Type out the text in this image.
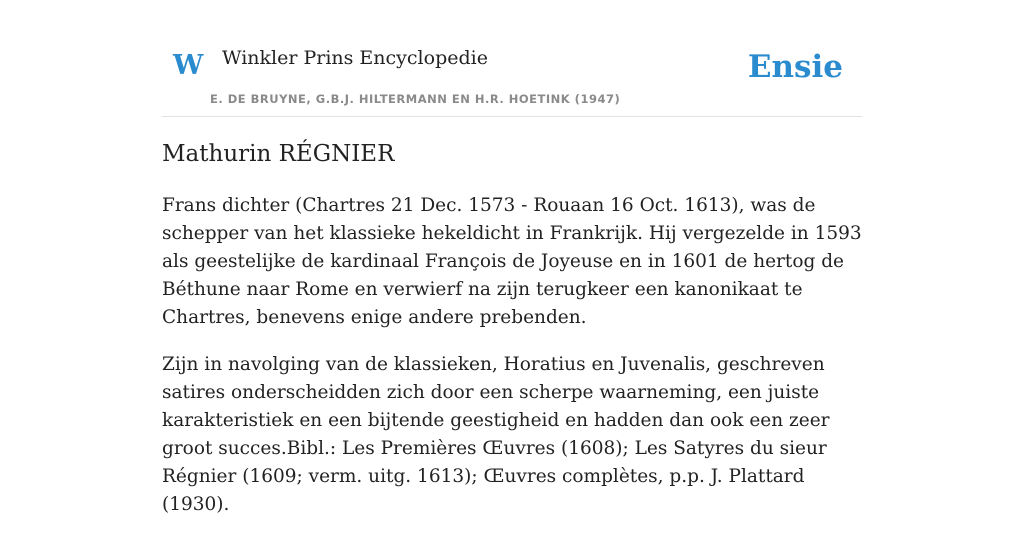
W Winkler Prins Encyclopedie
E. DE BRUYNE, G.B.J. HILTERMANN EN H.R. HOETINK (1947)
Ensie
Mathurin RÉGNIER

Frans dichter (Chartres 21 Dec. 1573 - Rouaan 16 Oct. 1613), was de schepper van het klassieke hekeldicht in Frankrijk. Hij vergezelde in 1593 als geestelijke de kardinaal François de Joyeuse en in 1601 de hertog de Béthune naar Rome en verwierf na zijn terugkeer een kanonikaat te Chartres, benevens enige andere prebenden.

Zijn in navolging van de klassieken, Horatius en Juvenalis, geschreven satires onderscheidden zich door een scherpe waarneming, een juiste karakteristiek en een bijtende geestigheid en hadden dan ook een zeer groot succes.Bibl.: Les Premières Œuvres (1608); Les Satyres du sieur Régnier (1609; verm. uitg. 1613); Œuvres complètes, p.p. J. Plattard (1930).
